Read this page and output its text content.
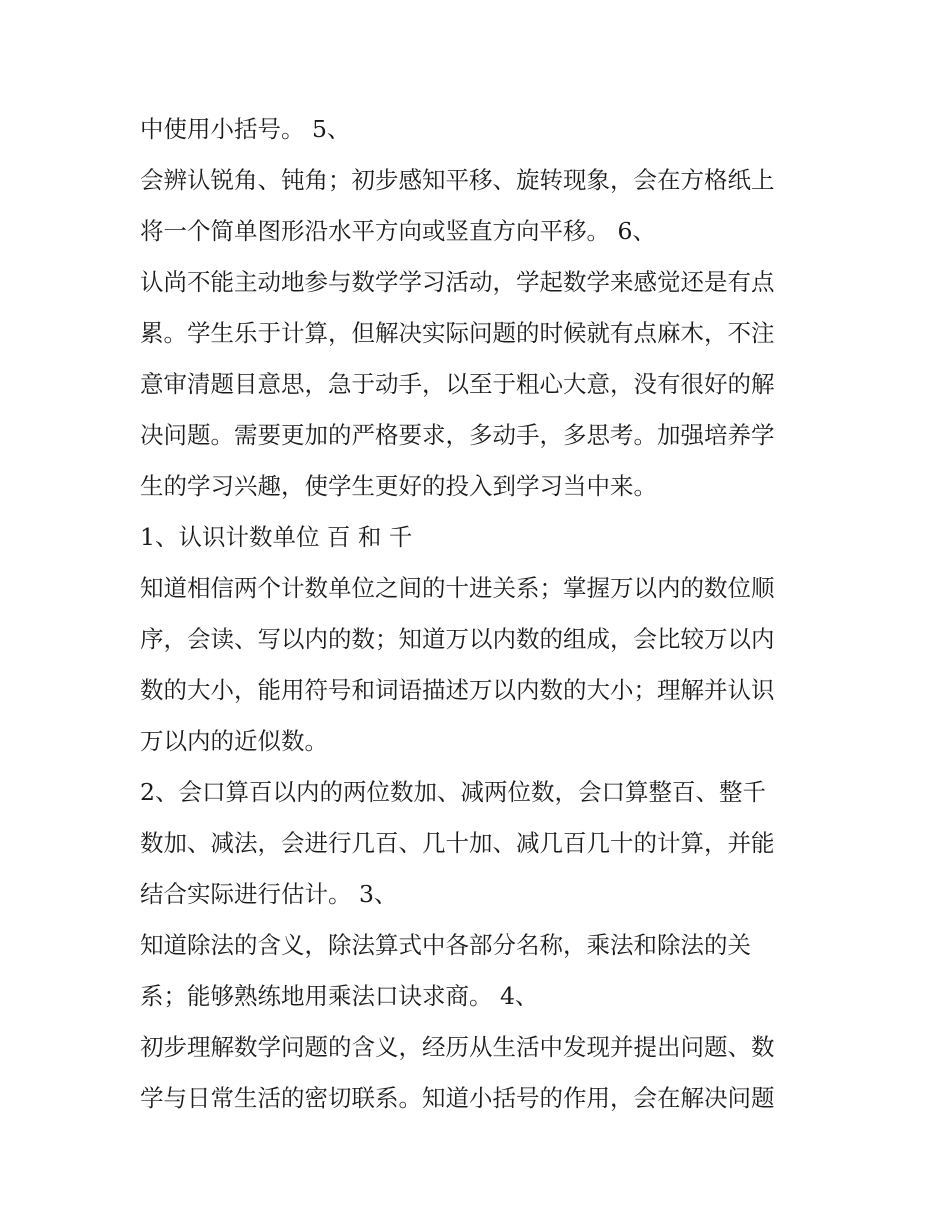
中使用小括号。 5、
会辨认锐角、钝角；初步感知平移、旋转现象，会在方格纸上
将一个简单图形沿水平方向或竖直方向平移。 6、
认尚不能主动地参与数学学习活动，学起数学来感觉还是有点
累。学生乐于计算，但解决实际问题的时候就有点麻木，不注
意审清题目意思，急于动手，以至于粗心大意，没有很好的解
决问题。需要更加的严格要求，多动手，多思考。加强培养学
生的学习兴趣，使学生更好的投入到学习当中来。
1、认识计数单位 百 和 千
知道相信两个计数单位之间的十进关系；掌握万以内的数位顺
序，会读、写以内的数；知道万以内数的组成，会比较万以内
数的大小，能用符号和词语描述万以内数的大小；理解并认识
万以内的近似数。
2、会口算百以内的两位数加、减两位数，会口算整百、整千
数加、减法，会进行几百、几十加、减几百几十的计算，并能
结合实际进行估计。 3、
知道除法的含义，除法算式中各部分名称，乘法和除法的关
系；能够熟练地用乘法口诀求商。 4、
初步理解数学问题的含义，经历从生活中发现并提出问题、数
学与日常生活的密切联系。知道小括号的作用，会在解决问题
